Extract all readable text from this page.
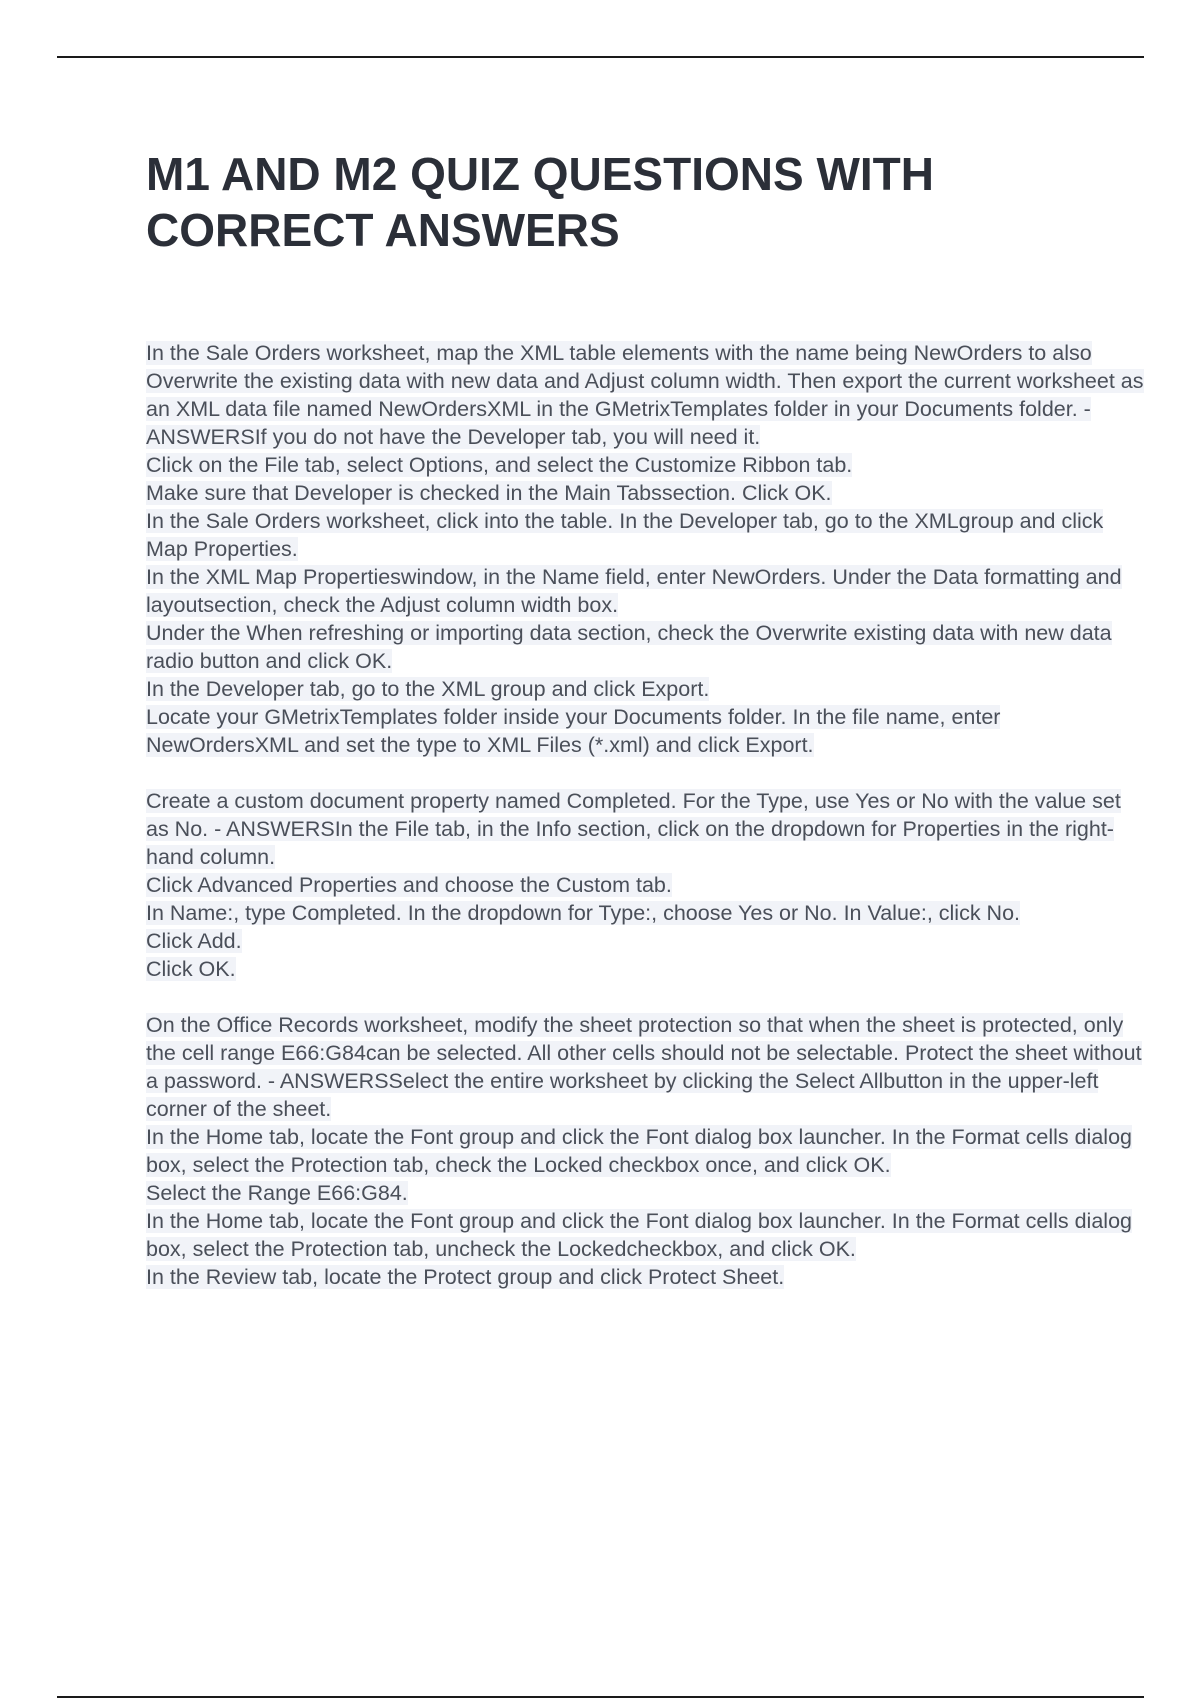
M1 AND M2 QUIZ QUESTIONS WITH CORRECT ANSWERS

In the Sale Orders worksheet, map the XML table elements with the name being NewOrders to also Overwrite the existing data with new data and Adjust column width. Then export the current worksheet as an XML data file named NewOrdersXML in the GMetrixTemplates folder in your Documents folder. - ANSWERSIf you do not have the Developer tab, you will need it.

Click on the File tab, select Options, and select the Customize Ribbon tab.

Make sure that Developer is checked in the Main Tabssection. Click OK.

In the Sale Orders worksheet, click into the table. In the Developer tab, go to the XMLgroup and click Map Properties.

In the XML Map Propertieswindow, in the Name field, enter NewOrders. Under the Data formatting and layoutsection, check the Adjust column width box.

Under the When refreshing or importing data section, check the Overwrite existing data with new data radio button and click OK.

In the Developer tab, go to the XML group and click Export.

Locate your GMetrixTemplates folder inside your Documents folder. In the file name, enter NewOrdersXML and set the type to XML Files (*.xml) and click Export.

Create a custom document property named Completed. For the Type, use Yes or No with the value set as No. - ANSWERSIn the File tab, in the Info section, click on the dropdown for Properties in the right-hand column.

Click Advanced Properties and choose the Custom tab.

In Name:, type Completed. In the dropdown for Type:, choose Yes or No. In Value:, click No.

Click Add.

Click OK.

On the Office Records worksheet, modify the sheet protection so that when the sheet is protected, only the cell range E66:G84can be selected. All other cells should not be selectable. Protect the sheet without a password. - ANSWERSSelect the entire worksheet by clicking the Select Allbutton in the upper-left corner of the sheet.

In the Home tab, locate the Font group and click the Font dialog box launcher. In the Format cells dialog box, select the Protection tab, check the Locked checkbox once, and click OK.

Select the Range E66:G84.

In the Home tab, locate the Font group and click the Font dialog box launcher. In the Format cells dialog box, select the Protection tab, uncheck the Lockedcheckbox, and click OK.

In the Review tab, locate the Protect group and click Protect Sheet.
